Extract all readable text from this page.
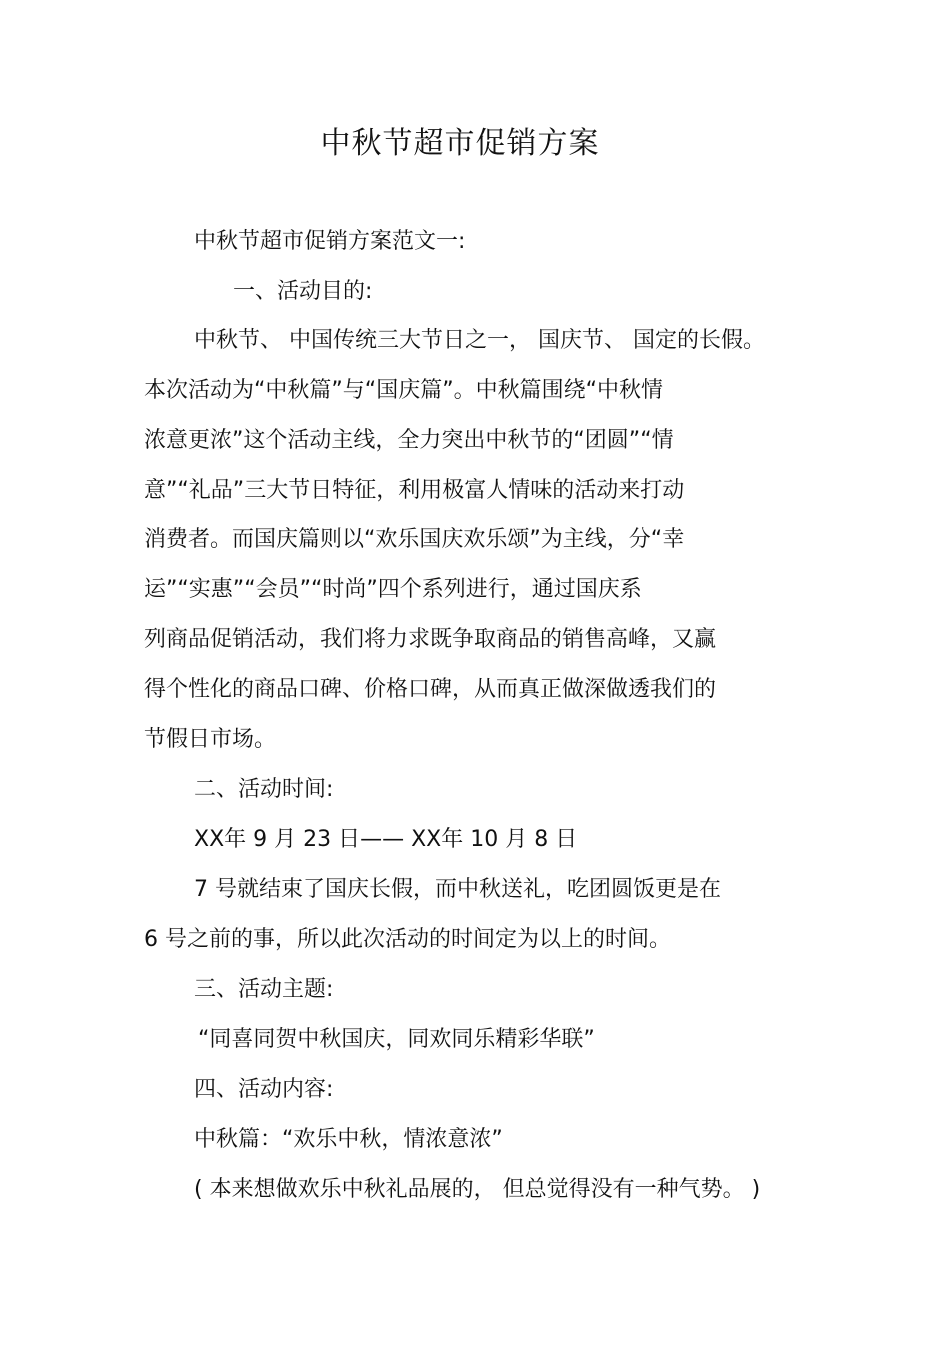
中秋节超市促销方案
中秋节超市促销方案范文一:
一、活动目的:
中秋节、 中国传统三大节日之一， 国庆节、 国定的长假。
本次活动为“中秋篇”与“国庆篇”。中秋篇围绕“中秋情
浓意更浓”这个活动主线，全力突出中秋节的“团圆”“情
意”“礼品”三大节日特征，利用极富人情味的活动来打动
消费者。而国庆篇则以“欢乐国庆欢乐颂”为主线，分“幸
运”“实惠”“会员”“时尚”四个系列进行，通过国庆系
列商品促销活动，我们将力求既争取商品的销售高峰，又赢
得个性化的商品口碑、价格口碑，从而真正做深做透我们的
节假日市场。
二、活动时间:
XX年 9 月 23 日—— XX年 10 月 8 日
7 号就结束了国庆长假，而中秋送礼，吃团圆饭更是在
6 号之前的事，所以此次活动的时间定为以上的时间。
三、活动主题:
“同喜同贺中秋国庆，同欢同乐精彩华联”
四、活动内容:
中秋篇：“欢乐中秋，情浓意浓”
( 本来想做欢乐中秋礼品展的， 但总觉得没有一种气势。 )
